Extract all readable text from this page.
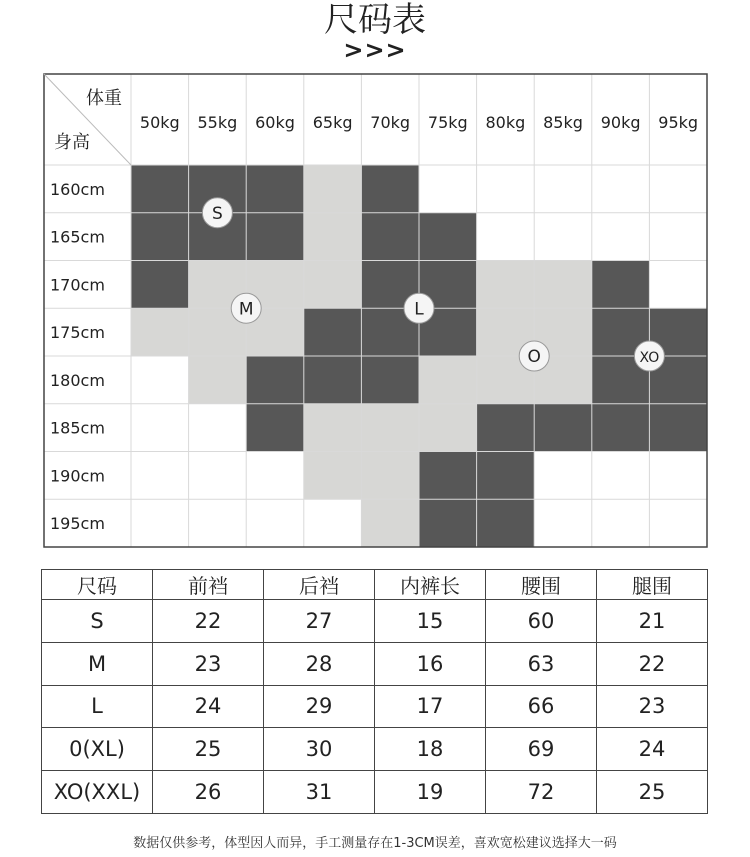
尺码表
>>>
体重
身高
50kg 55kg 60kg 65kg 70kg 75kg 80kg 85kg 90kg 95kg
160cm
165cm
170cm
175cm
180cm
185cm
190cm
195cm
S
M	L
O	XO
尺码	前裆	后裆	内裤长	腰围	腿围
S	22	27	15	60	21
M	23	28	16	63	22
L	24	29	17	66	23
0(XL)	25	30	18	69	24
XO(XXL)	26	31	19	72	25
数据仅供参考，体型因人而异，手工测量存在1-3CM误差，喜欢宽松建议选择大一码
